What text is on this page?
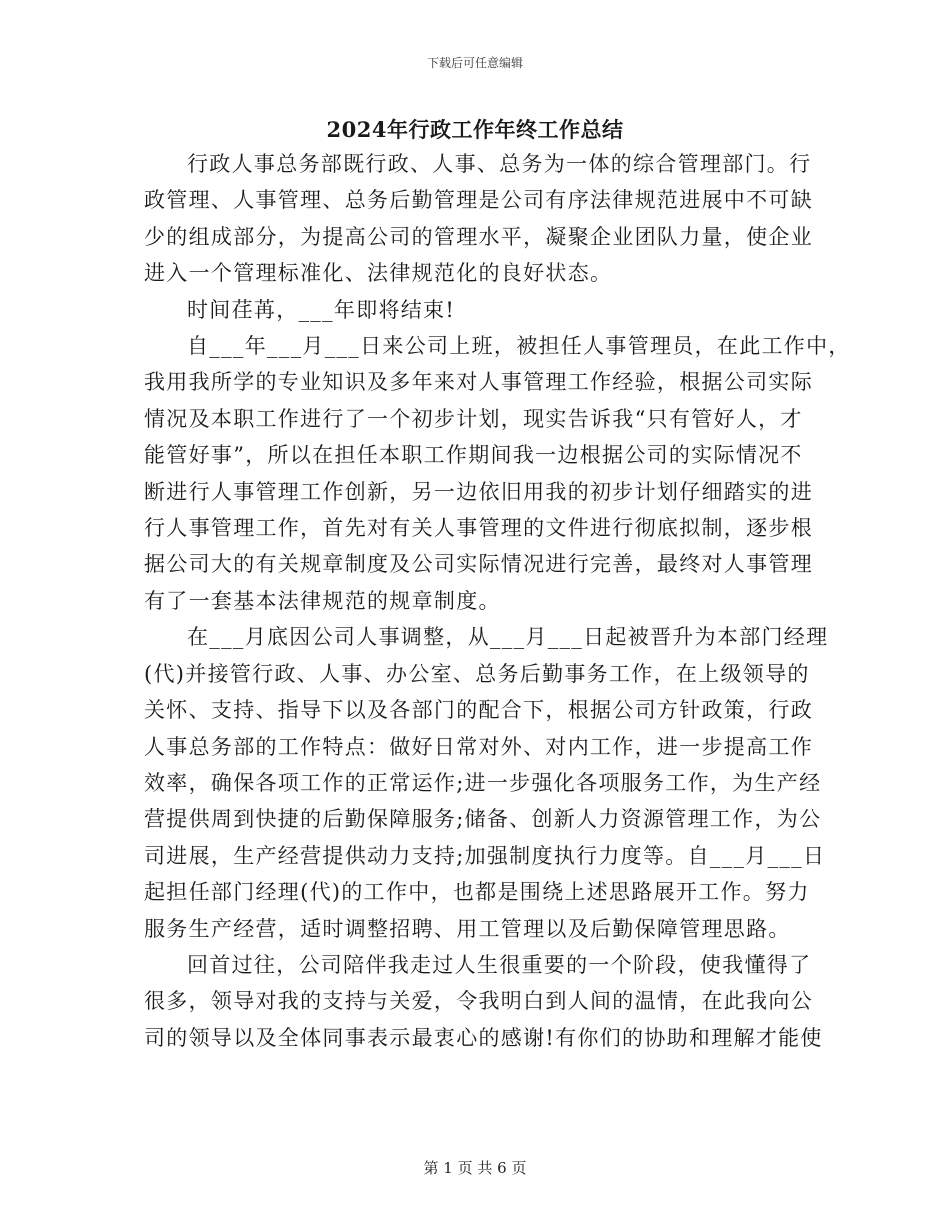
下载后可任意编辑
2024年行政工作年终工作总结

行政人事总务部既行政、人事、总务为一体的综合管理部门。行
政管理、人事管理、总务后勤管理是公司有序法律规范进展中不可缺
少的组成部分，为提高公司的管理水平，凝聚企业团队力量，使企业
进入一个管理标准化、法律规范化的良好状态。

时间荏苒，___年即将结束!

自___年___月___日来公司上班，被担任人事管理员，在此工作中，
我用我所学的专业知识及多年来对人事管理工作经验，根据公司实际
情况及本职工作进行了一个初步计划，现实告诉我“只有管好人，才
能管好事”，所以在担任本职工作期间我一边根据公司的实际情况不
断进行人事管理工作创新，另一边依旧用我的初步计划仔细踏实的进
行人事管理工作，首先对有关人事管理的文件进行彻底拟制，逐步根
据公司大的有关规章制度及公司实际情况进行完善，最终对人事管理
有了一套基本法律规范的规章制度。

在___月底因公司人事调整，从___月___日起被晋升为本部门经理
(代)并接管行政、人事、办公室、总务后勤事务工作，在上级领导的
关怀、支持、指导下以及各部门的配合下，根据公司方针政策，行政
人事总务部的工作特点：做好日常对外、对内工作，进一步提高工作
效率，确保各项工作的正常运作;进一步强化各项服务工作，为生产经
营提供周到快捷的后勤保障服务;储备、创新人力资源管理工作，为公
司进展，生产经营提供动力支持;加强制度执行力度等。自___月___日
起担任部门经理(代)的工作中，也都是围绕上述思路展开工作。努力
服务生产经营，适时调整招聘、用工管理以及后勤保障管理思路。

回首过往，公司陪伴我走过人生很重要的一个阶段，使我懂得了
很多，领导对我的支持与关爱，令我明白到人间的温情，在此我向公
司的领导以及全体同事表示最衷心的感谢!有你们的协助和理解才能使

第 1 页 共 6 页
